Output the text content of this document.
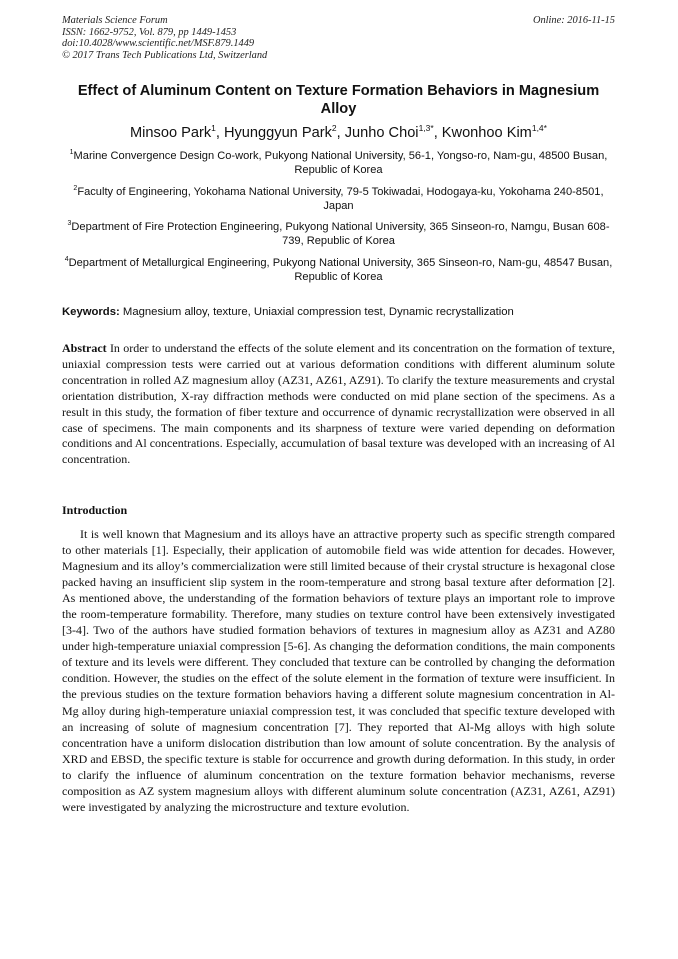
Materials Science Forum
ISSN: 1662-9752, Vol. 879, pp 1449-1453
doi:10.4028/www.scientific.net/MSF.879.1449
© 2017 Trans Tech Publications Ltd, Switzerland
Online: 2016-11-15
Effect of Aluminum Content on Texture Formation Behaviors in Magnesium Alloy
Minsoo Park$^1$, Hyunggyun Park$^2$, Junho Choi$^{1,3*}$, Kwonhoo Kim$^{1,4*}$
$^1$Marine Convergence Design Co-work, Pukyong National University, 56-1, Yongso-ro, Nam-gu, 48500 Busan, Republic of Korea
$^2$Faculty of Engineering, Yokohama National University, 79-5 Tokiwadai, Hodogaya-ku, Yokohama 240-8501, Japan
$^3$Department of Fire Protection Engineering, Pukyong National University, 365 Sinseon-ro, Namgu, Busan 608-739, Republic of Korea
$^4$Department of Metallurgical Engineering, Pukyong National University, 365 Sinseon-ro, Nam-gu, 48547 Busan, Republic of Korea
Keywords: Magnesium alloy, texture, Uniaxial compression test, Dynamic recrystallization
Abstract In order to understand the effects of the solute element and its concentration on the formation of texture, uniaxial compression tests were carried out at various deformation conditions with different aluminum solute concentration in rolled AZ magnesium alloy (AZ31, AZ61, AZ91). To clarify the texture measurements and crystal orientation distribution, X-ray diffraction methods were conducted on mid plane section of the specimens. As a result in this study, the formation of fiber texture and occurrence of dynamic recrystallization were observed in all case of specimens. The main components and its sharpness of texture were varied depending on deformation conditions and Al concentrations. Especially, accumulation of basal texture was developed with an increasing of Al concentration.
Introduction
It is well known that Magnesium and its alloys have an attractive property such as specific strength compared to other materials [1]. Especially, their application of automobile field was wide attention for decades. However, Magnesium and its alloy’s commercialization were still limited because of their crystal structure is hexagonal close packed having an insufficient slip system in the room-temperature and strong basal texture after deformation [2]. As mentioned above, the understanding of the formation behaviors of texture plays an important role to improve the room-temperature formability. Therefore, many studies on texture control have been extensively investigated [3-4]. Two of the authors have studied formation behaviors of textures in magnesium alloy as AZ31 and AZ80 under high-temperature uniaxial compression [5-6]. As changing the deformation conditions, the main components of texture and its levels were different. They concluded that texture can be controlled by changing the deformation condition. However, the studies on the effect of the solute element in the formation of texture were insufficient. In the previous studies on the texture formation behaviors having a different solute magnesium concentration in Al-Mg alloy during high-temperature uniaxial compression test, it was concluded that specific texture developed with an increasing of solute of magnesium concentration [7]. They reported that Al-Mg alloys with high solute concentration have a uniform dislocation distribution than low amount of solute concentration. By the analysis of XRD and EBSD, the specific texture is stable for occurrence and growth during deformation. In this study, in order to clarify the influence of aluminum concentration on the texture formation behavior mechanisms, reverse composition as AZ system magnesium alloys with different aluminum solute concentration (AZ31, AZ61, AZ91) were investigated by analyzing the microstructure and texture evolution.
